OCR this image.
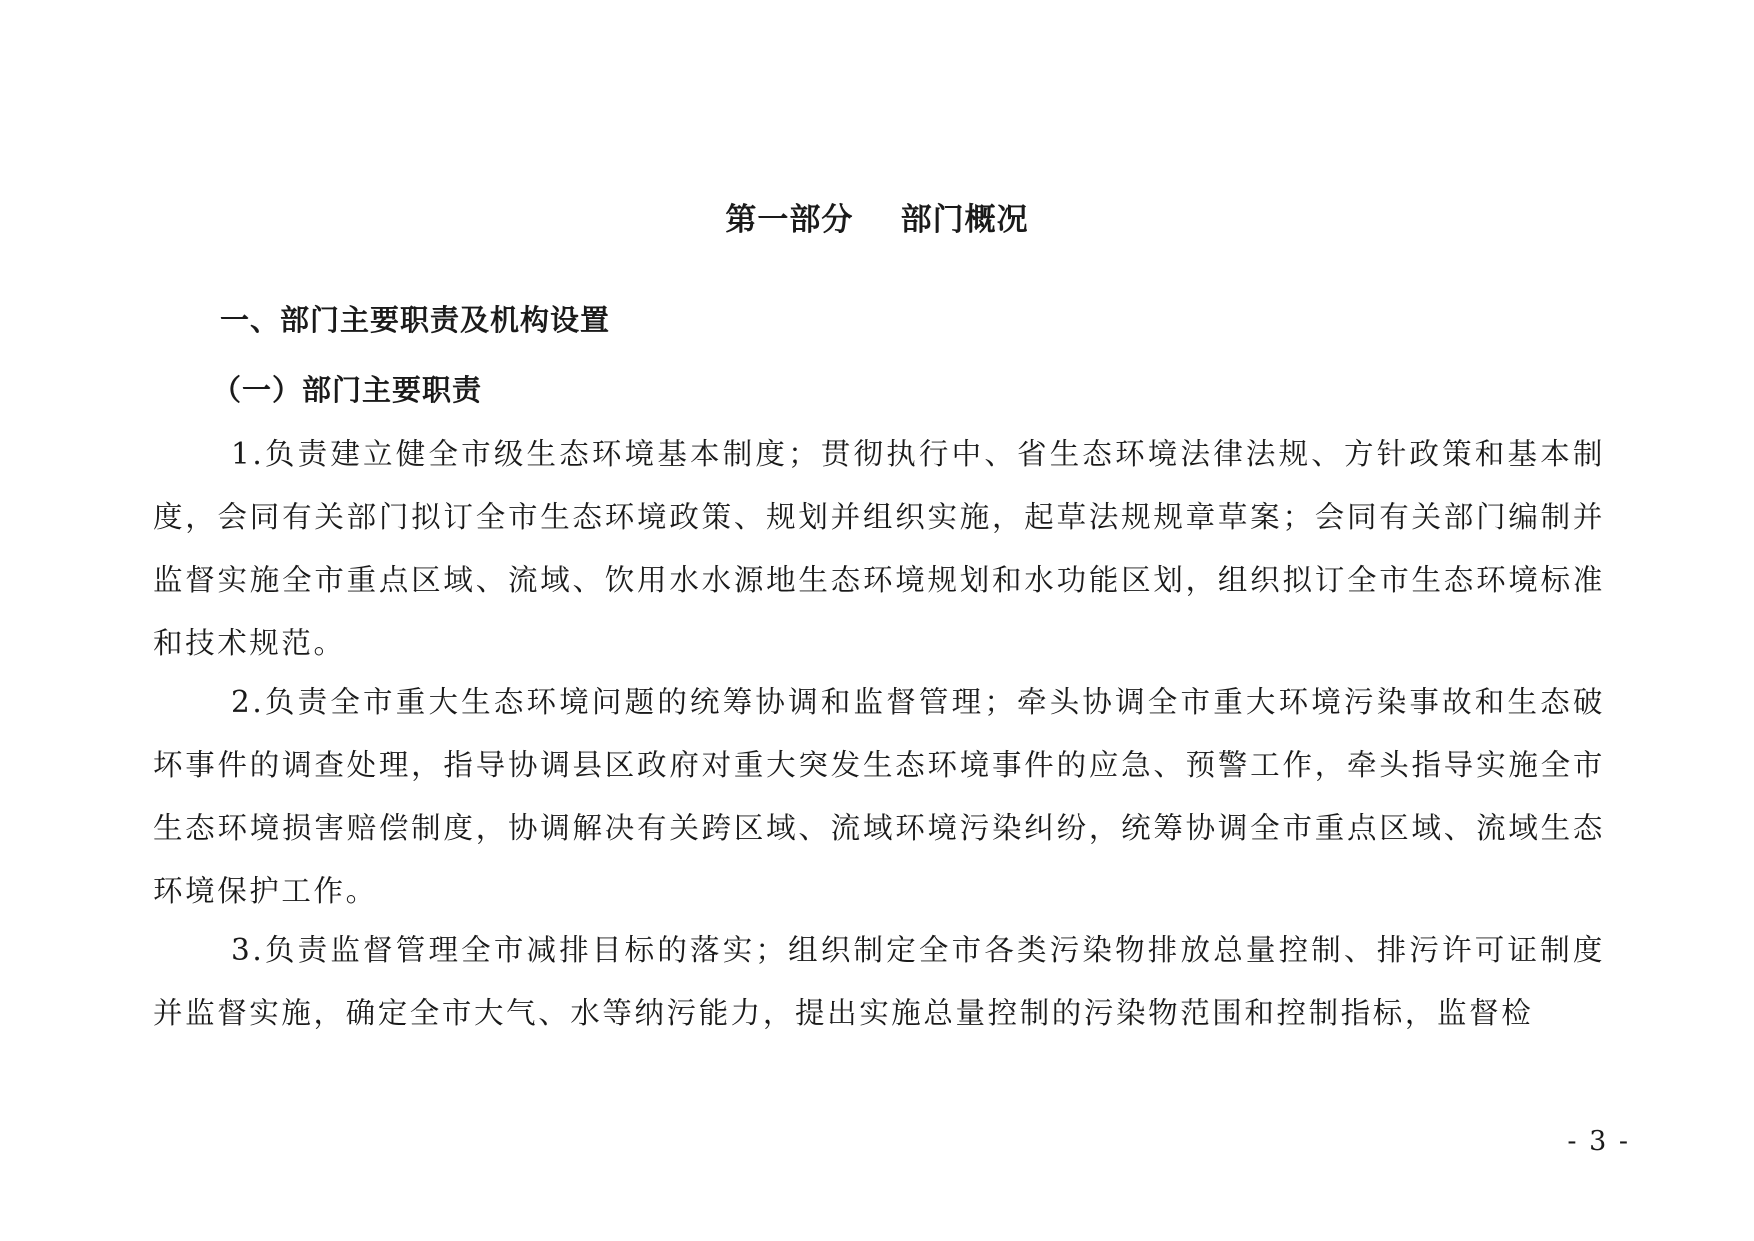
第一部分    部门概况
一、部门主要职责及机构设置
（一）部门主要职责
1.负责建立健全市级生态环境基本制度；贯彻执行中、省生态环境法律法规、方针政策和基本制度，会同有关部门拟订全市生态环境政策、规划并组织实施，起草法规规章草案；会同有关部门编制并监督实施全市重点区域、流域、饮用水水源地生态环境规划和水功能区划，组织拟订全市生态环境标准和技术规范。
2.负责全市重大生态环境问题的统筹协调和监督管理；牵头协调全市重大环境污染事故和生态破坏事件的调查处理，指导协调县区政府对重大突发生态环境事件的应急、预警工作，牵头指导实施全市生态环境损害赔偿制度，协调解决有关跨区域、流域环境污染纠纷，统筹协调全市重点区域、流域生态环境保护工作。
3.负责监督管理全市减排目标的落实；组织制定全市各类污染物排放总量控制、排污许可证制度并监督实施，确定全市大气、水等纳污能力，提出实施总量控制的污染物范围和控制指标，监督检
- 3 -
